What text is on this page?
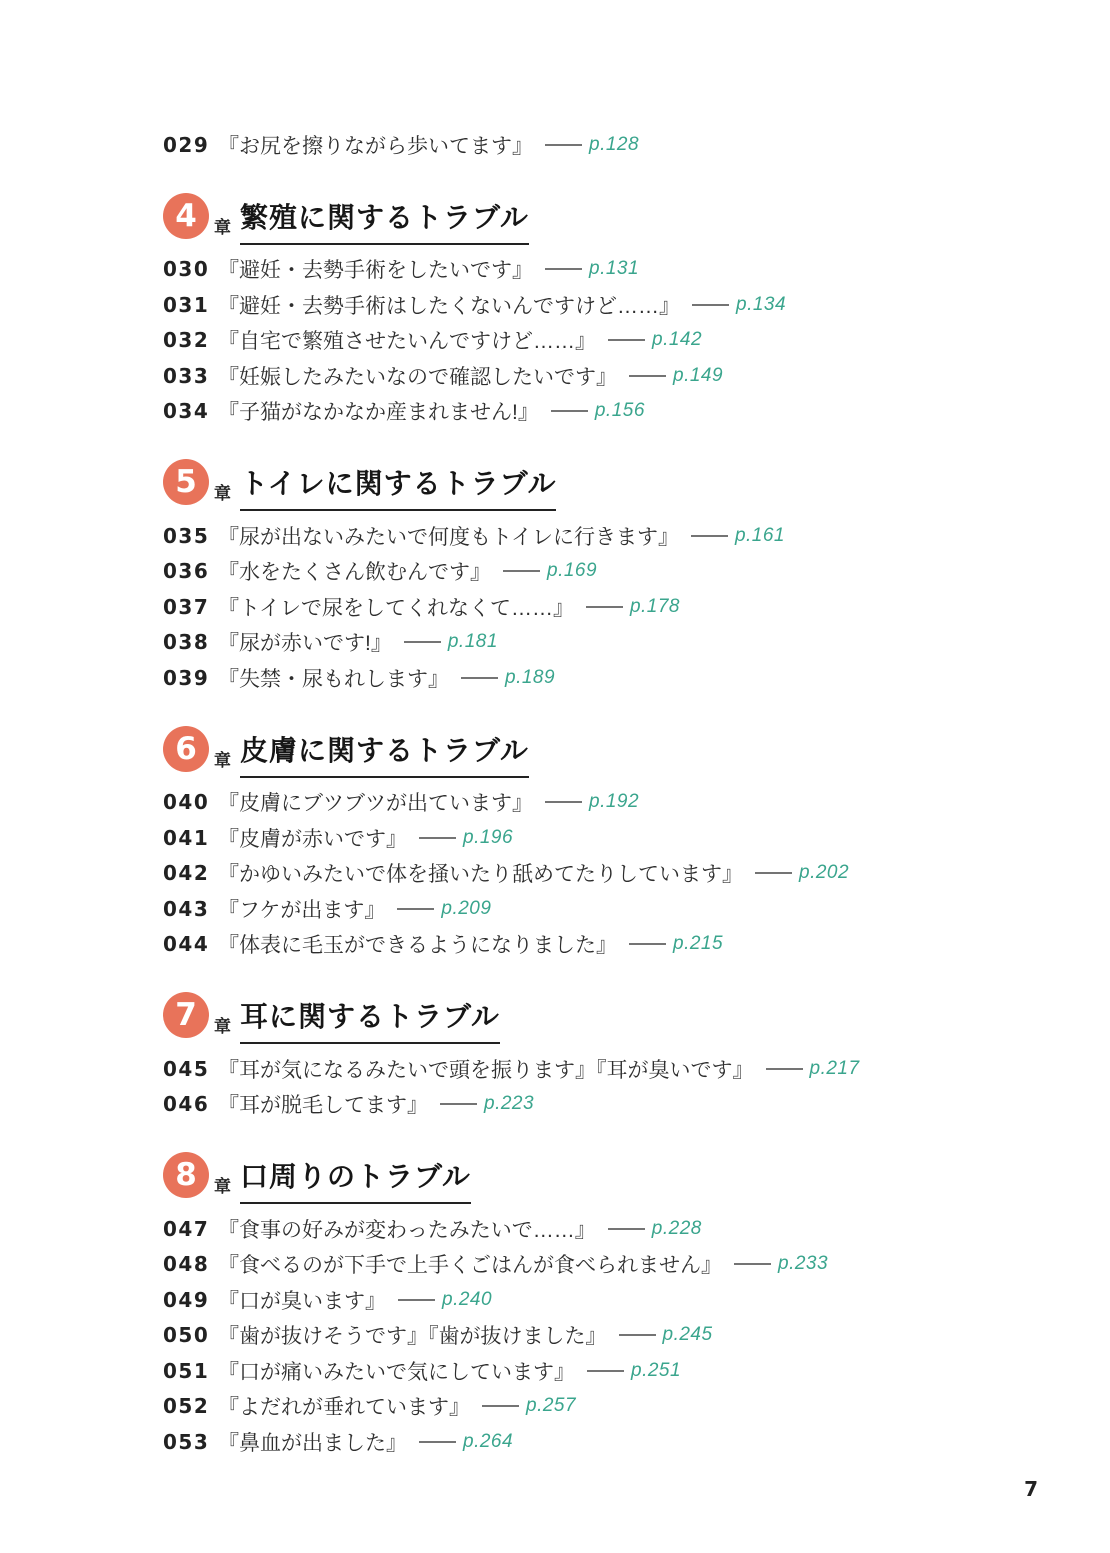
029 『お尻を擦りながら歩いてます』	p.128
4	章 繁殖に関するトラブル
030 『避妊・去勢手術をしたいです』	p.131
031 『避妊・去勢手術はしたくないんですけど……』	p.134
032 『自宅で繁殖させたいんですけど……』	p.142
033 『妊娠したみたいなので確認したいです』	p.149
034 『子猫がなかなか産まれません!』	p.156
5	章 トイレに関するトラブル
035 『尿が出ないみたいで何度もトイレに行きます』	p.161
036 『水をたくさん飲むんです』	p.169
037 『トイレで尿をしてくれなくて……』	p.178
038 『尿が赤いです!』	p.181
039 『失禁・尿もれします』	p.189
6	章 皮膚に関するトラブル
040 『皮膚にブツブツが出ています』	p.192
041 『皮膚が赤いです』	p.196
042 『かゆいみたいで体を掻いたり舐めてたりしています』	p.202
043 『フケが出ます』	p.209
044 『体表に毛玉ができるようになりました』	p.215
7	章 耳に関するトラブル
045 『耳が気になるみたいで頭を振ります』『耳が臭いです』	p.217
046 『耳が脱毛してます』	p.223
8	章 口周りのトラブル
047 『食事の好みが変わったみたいで……』	p.228
048 『食べるのが下手で上手くごはんが食べられません』	p.233
049 『口が臭います』	p.240
050 『歯が抜けそうです』『歯が抜けました』	p.245
051 『口が痛いみたいで気にしています』	p.251
052 『よだれが垂れています』	p.257
053 『鼻血が出ました』	p.264
7
